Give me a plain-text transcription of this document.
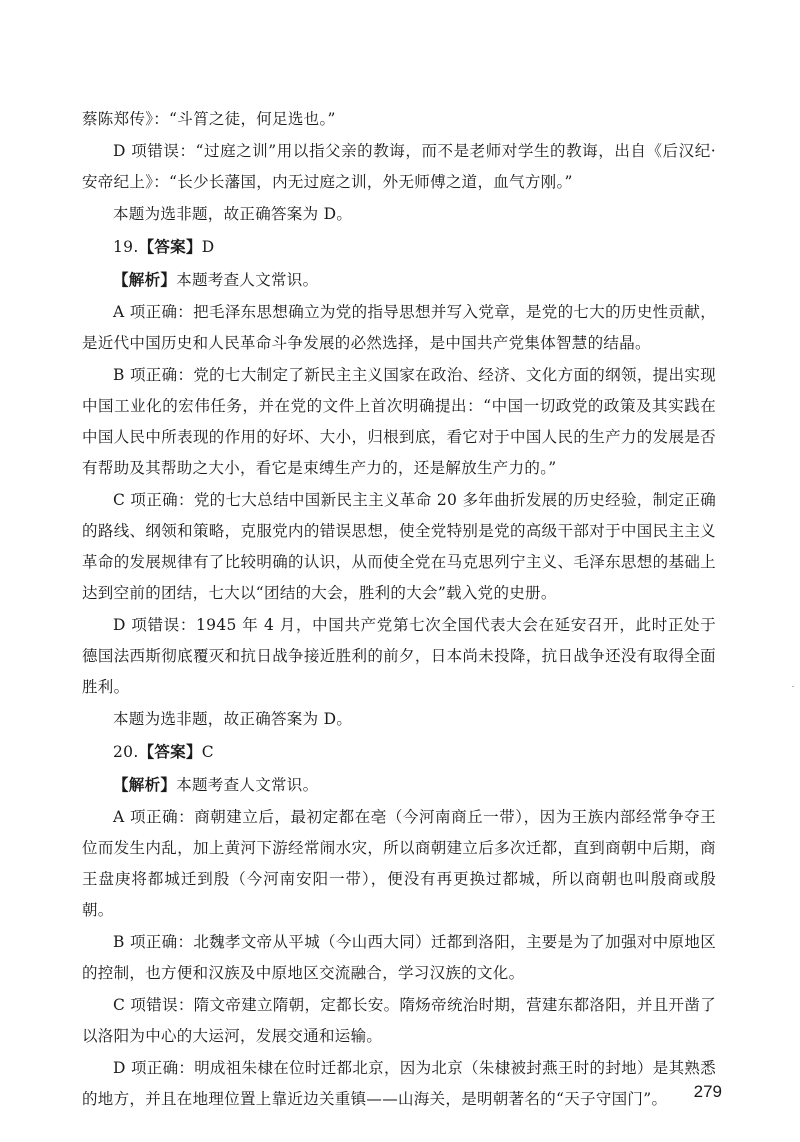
蔡陈郑传》：“斗筲之徒，何足选也。”

D 项错误：“过庭之训”用以指父亲的教诲，而不是老师对学生的教诲，出自《后汉纪·安帝纪上》：“长少长藩国，内无过庭之训，外无师傅之道，血气方刚。”

本题为选非题，故正确答案为 D。

19.【答案】D

【解析】本题考查人文常识。

A 项正确：把毛泽东思想确立为党的指导思想并写入党章，是党的七大的历史性贡献，是近代中国历史和人民革命斗争发展的必然选择，是中国共产党集体智慧的结晶。

B 项正确：党的七大制定了新民主主义国家在政治、经济、文化方面的纲领，提出实现中国工业化的宏伟任务，并在党的文件上首次明确提出：“中国一切政党的政策及其实践在中国人民中所表现的作用的好坏、大小，归根到底，看它对于中国人民的生产力的发展是否有帮助及其帮助之大小，看它是束缚生产力的，还是解放生产力的。”

C 项正确：党的七大总结中国新民主主义革命 20 多年曲折发展的历史经验，制定正确的路线、纲领和策略，克服党内的错误思想，使全党特别是党的高级干部对于中国民主主义革命的发展规律有了比较明确的认识，从而使全党在马克思列宁主义、毛泽东思想的基础上达到空前的团结，七大以“团结的大会，胜利的大会”载入党的史册。

D 项错误：1945 年 4 月，中国共产党第七次全国代表大会在延安召开，此时正处于德国法西斯彻底覆灭和抗日战争接近胜利的前夕，日本尚未投降，抗日战争还没有取得全面胜利。

本题为选非题，故正确答案为 D。

20.【答案】C

【解析】本题考查人文常识。

A 项正确：商朝建立后，最初定都在亳（今河南商丘一带），因为王族内部经常争夺王位而发生内乱，加上黄河下游经常闹水灾，所以商朝建立后多次迁都，直到商朝中后期，商王盘庚将都城迁到殷（今河南安阳一带），便没有再更换过都城，所以商朝也叫殷商或殷朝。

B 项正确：北魏孝文帝从平城（今山西大同）迁都到洛阳，主要是为了加强对中原地区的控制，也方便和汉族及中原地区交流融合，学习汉族的文化。

C 项错误：隋文帝建立隋朝，定都长安。隋炀帝统治时期，营建东都洛阳，并且开凿了以洛阳为中心的大运河，发展交通和运输。

D 项正确：明成祖朱棣在位时迁都北京，因为北京（朱棣被封燕王时的封地）是其熟悉的地方，并且在地理位置上靠近边关重镇——山海关，是明朝著名的“天子守国门”。	279
